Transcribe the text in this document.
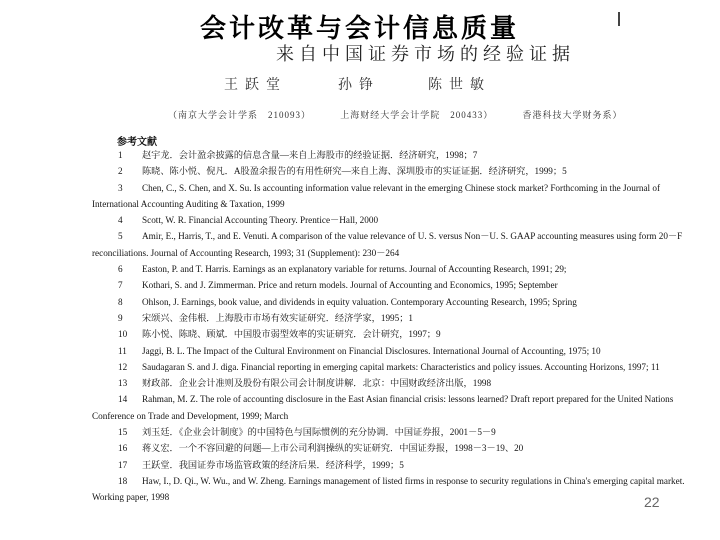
会计改革与会计信息质量
来自中国证券市场的经验证据
王跃堂	孙铮	陈世敏
（南京大学会计学系　210093）	上海财经大学会计学院　200433）	香港科技大学财务系）
参考文献
1 赵宇龙．会计盈余披露的信息含量—来自上海股市的经验证据．经济研究，1998；7
2 陈晓、陈小悦、倪凡．A股盈余报告的有用性研究—来自上海、深圳股市的实证证据．经济研究，1999；5
3 Chen, C., S. Chen, and X. Su. Is accounting information value relevant in the emerging Chinese stock market? Forthcoming in the Journal of International Accounting Auditing & Taxation, 1999
4 Scott, W. R. Financial Accounting Theory. Prentice－Hall, 2000
5 Amir, E., Harris, T., and E. Venuti. A comparison of the value relevance of U. S. versus Non－U. S. GAAP accounting measures using form 20－F reconciliations. Journal of Accounting Research, 1993; 31 (Supplement): 230－264
6 Easton, P. and T. Harris. Earnings as an explanatory variable for returns. Journal of Accounting Research, 1991; 29;
7 Kothari, S. and J. Zimmerman. Price and return models. Journal of Accounting and Economics, 1995; September
8 Ohlson, J. Earnings, book value, and dividends in equity valuation. Contemporary Accounting Research, 1995; Spring
9 宋颂兴、金伟根．上海股市市场有效实证研究．经济学家，1995；1
10 陈小悦、陈晓、顾斌．中国股市弱型效率的实证研究．会计研究，1997；9
11 Jaggi, B. L. The Impact of the Cultural Environment on Financial Disclosures. International Journal of Accounting, 1975; 10
12 Saudagaran S. and J. diga. Financial reporting in emerging capital markets: Characteristics and policy issues. Accounting Horizons, 1997; 11
13 财政部．企业会计准则及股份有限公司会计制度讲解．北京：中国财政经济出版，1998
14 Rahman, M. Z. The role of accounting disclosure in the East Asian financial crisis: lessons learned? Draft report prepared for the United Nations Conference on Trade and Development, 1999; March
15 刘玉廷．《企业会计制度》的中国特色与国际惯例的充分协调．中国证券报，2001－5－9
16 蒋义宏．一个不容回避的问题—上市公司利润操纵的实证研究．中国证券报，1998－3－19、20
17 王跃堂．我国证券市场监管政策的经济后果．经济科学，1999；5
18 Haw, I., D. Qi., W. Wu., and W. Zheng. Earnings management of listed firms in response to security regulations in China's emerging capital market. Working paper, 1998	22
